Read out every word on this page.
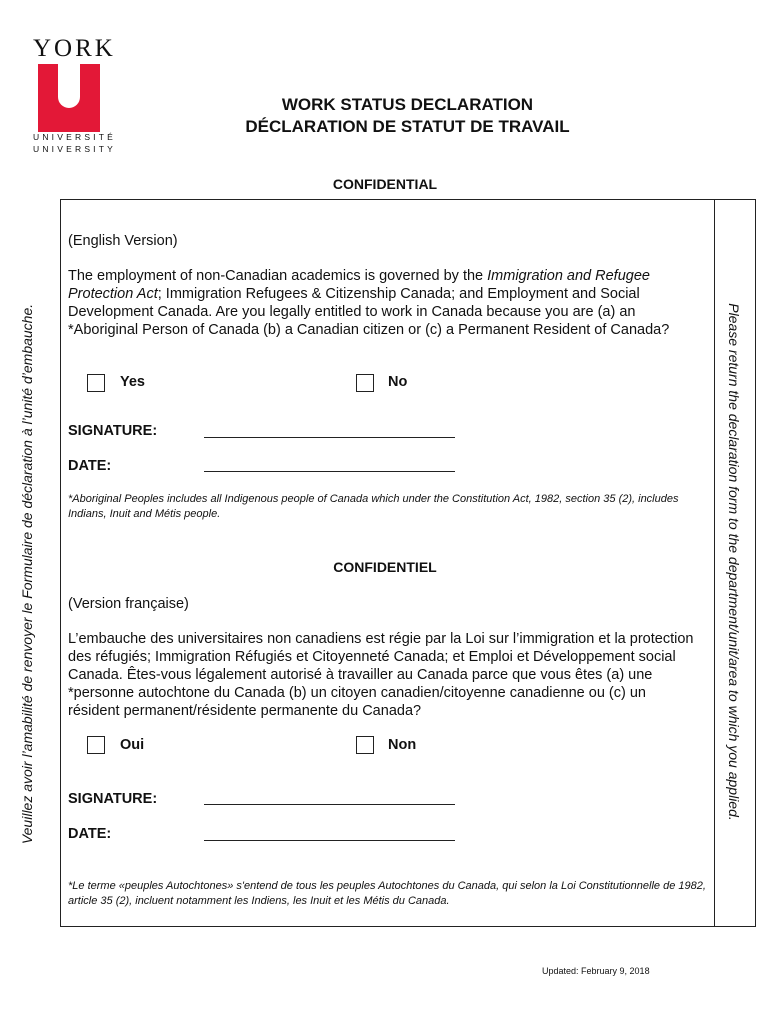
YORK
UNIVERSITÉ
UNIVERSITY
WORK STATUS DECLARATION
DÉCLARATION DE STATUT DE TRAVAIL
CONFIDENTIAL
Veuillez avoir l’amabilité de renvoyer le Formulaire de déclaration à l’unité d’embauche.	Please return the declaration form to the department/unit/area to which you applied.
(English Version)
The employment of non-Canadian academics is governed by the Immigration and Refugee Protection Act; Immigration Refugees & Citizenship Canada; and Employment and Social Development Canada. Are you legally entitled to work in Canada because you are (a) an *Aboriginal Person of Canada (b) a Canadian citizen or (c) a Permanent Resident of Canada?
Yes	No
SIGNATURE:
DATE:
*Aboriginal Peoples includes all Indigenous people of Canada which under the Constitution Act, 1982, section 35 (2), includes Indians, Inuit and Métis people.
CONFIDENTIEL
(Version française)
L’embauche des universitaires non canadiens est régie par la Loi sur l’immigration et la protection des réfugiés; Immigration Réfugiés et Citoyenneté Canada; et Emploi et Développement social Canada. Êtes-vous légalement autorisé à travailler au Canada parce que vous êtes (a) une *personne autochtone du Canada (b) un citoyen canadien/citoyenne canadienne ou (c) un résident permanent/résidente permanente du Canada?
Oui	Non
SIGNATURE:
DATE:
*Le terme «peuples Autochtones» s'entend de tous les peuples Autochtones du Canada, qui selon la Loi Constitutionnelle de 1982, article 35 (2), incluent notamment les Indiens, les Inuit et les Métis du Canada.
Updated: February 9, 2018
